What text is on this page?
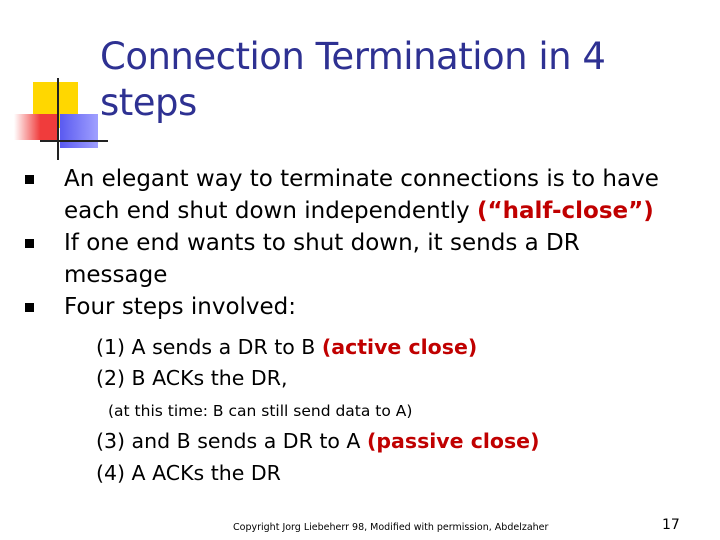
Connection Termination in 4
steps
An elegant way to terminate connections is to have
each end shut down independently (“half-close”)
If one end wants to shut down, it sends a DR
message
Four steps involved:
(1) A sends a DR to B (active close)
(2) B ACKs the DR,
(at this time: B can still send data to A)
(3) and B sends a DR to A (passive close)
(4) A ACKs the DR
Copyright Jorg Liebeherr 98, Modified with permission, Abdelzaher	17
